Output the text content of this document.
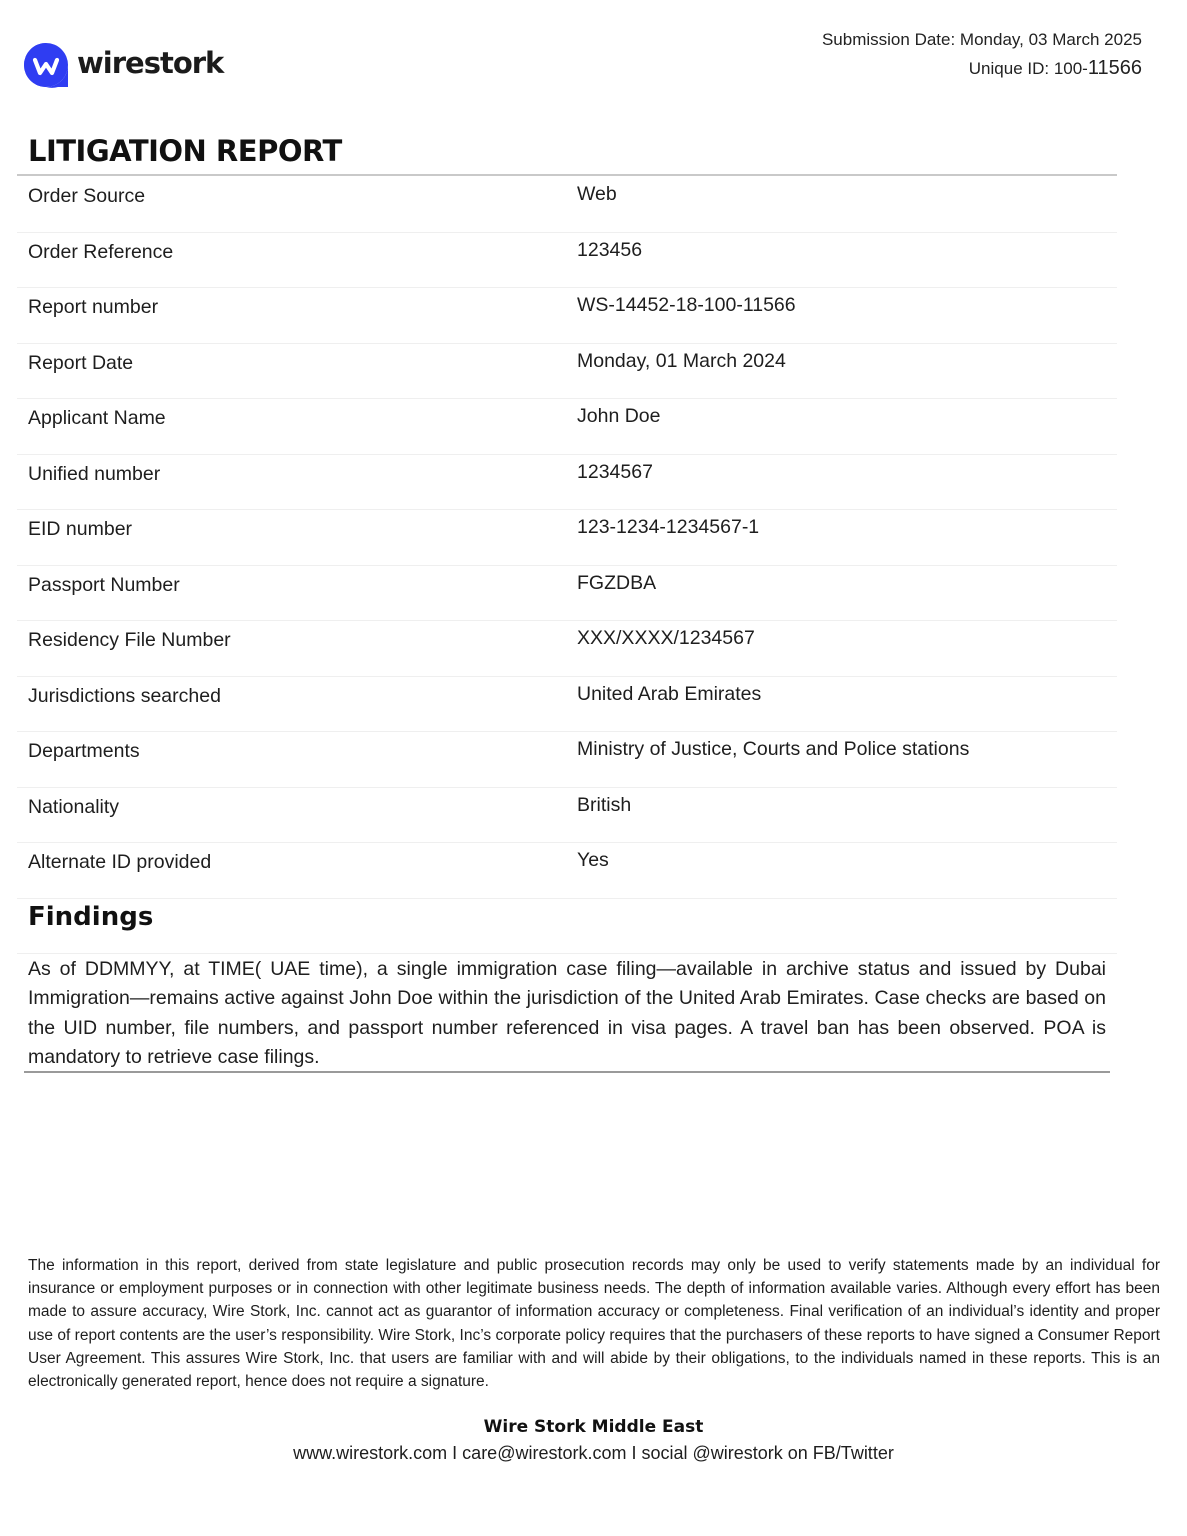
wirestork
Submission Date: Monday, 03 March 2025
Unique ID: 100-11566
LITIGATION REPORT
Order Source	Web
Order Reference	123456
Report number	WS-14452-18-100-11566
Report Date	Monday, 01 March 2024
Applicant Name	John Doe
Unified number	1234567
EID number	123-1234-1234567-1
Passport Number	FGZDBA
Residency File Number	XXX/XXXX/1234567
Jurisdictions searched	United Arab Emirates
Departments	Ministry of Justice, Courts and Police stations
Nationality	British
Alternate ID provided	Yes
Findings

As of DDMMYY, at TIME( UAE time), a single immigration case filing—available in archive status and issued by Dubai Immigration—remains active against John Doe within the jurisdiction of the United Arab Emirates. Case checks are based on the UID number, file numbers, and passport number referenced in visa pages. A travel ban has been observed. POA is mandatory to retrieve case filings.

The information in this report, derived from state legislature and public prosecution records may only be used to verify statements made by an individual for insurance or employment purposes or in connection with other legitimate business needs. The depth of information available varies. Although every effort has been made to assure accuracy, Wire Stork, Inc. cannot act as guarantor of information accuracy or completeness. Final verification of an individual’s identity and proper use of report contents are the user’s responsibility. Wire Stork, Inc’s corporate policy requires that the purchasers of these reports to have signed a Consumer Report User Agreement. This assures Wire Stork, Inc. that users are familiar with and will abide by their obligations, to the individuals named in these reports. This is an electronically generated report, hence does not require a signature.

Wire Stork Middle East
www.wirestork.com I care@wirestork.com I social @wirestork on FB/Twitter
